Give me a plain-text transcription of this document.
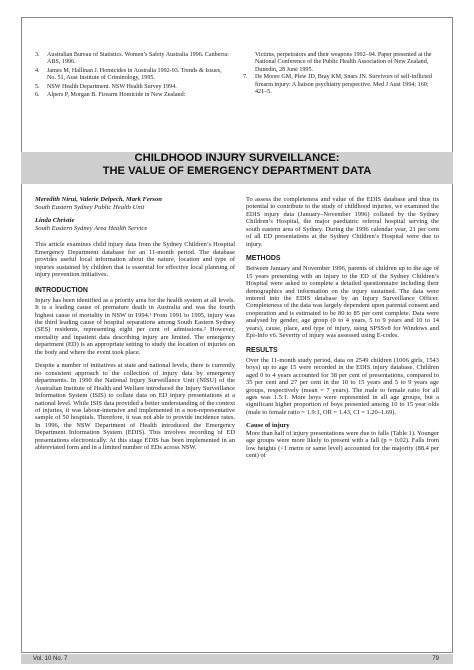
3.	Australian Bureau of Statistics. Women’s Safety Australia 1996. Canberra: ABS, 1996.
4.	James M, Hallinan J. Homicides in Australia 1992-93. Trends & Issues, No. 51, Aust Institute of Criminology, 1995.
5.	NSW Health Department. NSW Health Survey 1994.
6.	Alpers P, Morgan B. Firearm Homicide in New Zealand:

Victims, perpetrators and their weapons 1992–94. Paper presented at the National Conference of the Public Health Association of New Zealand, Dunedin, 28 June 1995.

7.	De Moore GM, Plew JD, Bray KM, Snars JN. Survivors of self-inflicted firearm injury: A liaison psychiatry perspective. Med J Aust 1994; 160: 421–5.
CHILDHOOD INJURY SURVEILLANCE:
THE VALUE OF EMERGENCY DEPARTMENT DATA
Meredith Nirui, Valerie Delpech, Mark Ferson
South Eastern Sydney Public Health Unit
Linda Christie
South Eastern Sydney Area Health Service

This article examines child injury data from the Sydney Children’s Hospital Emergency Department database for an 11-month period. The database provides useful local information about the nature, location and type of injuries sustained by children that is essential for effective local planning of injury prevention initiatives.

INTRODUCTION

Injury has been identified as a priority area for the health system at all levels. It is a leading cause of premature death in Australia and was the fourth highest cause of mortality in NSW in 1994.¹ From 1991 to 1995, injury was the third leading cause of hospital separations among South Eastern Sydney (SES) residents, representing eight per cent of admissions.² However, mortality and inpatient data describing injury are limited. The emergency department (ED) is an appropriate setting to study the location of injuries on the body and where the event took place.

Despite a number of initiatives at state and national levels, there is currently no consistent approach to the collection of injury data by emergency departments. In 1990 the National Injury Surveillance Unit (NISU) of the Australian Institute of Health and Welfare introduced the Injury Surveillance Information System (ISIS) to collate data on ED injury presentations at a national level. While ISIS data provided a better understanding of the context of injuries, it was labour-intensive and implemented in a non-representative sample of 50 hospitals. Therefore, it was not able to provide incidence rates. In 1996, the NSW Department of Health introduced the Emergency Department Information System (EDIS). This involves recording of ED presentations electronically. At this stage EDIS has been implemented in an abbreviated form and in a limited number of EDs across NSW.

To assess the completeness and value of the EDIS database and thus its potential to contribute to the study of childhood injuries, we examined the EDIS injury data (January–November 1996) collated by the Sydney Children’s Hospital, the major paediatric referral hospital serving the south eastern area of Sydney. During the 1996 calendar year, 21 per cent of all ED presentations at the Sydney Children’s Hospital were due to injury.

METHODS

Between January and November 1996, parents of children up to the age of 15 years presenting with an injury to the ED of the Sydney Children’s Hospital were asked to complete a detailed questionnaire including their demographics and information on the injury sustained. The data were entered into the EDIS database by an Injury Surveillance Officer. Completeness of the data was largely dependent upon parental consent and cooperation and is estimated to be 80 to 85 per cent complete. Data were analysed by gender, age group (0 to 4 years, 5 to 9 years and 10 to 14 years), cause, place, and type of injury, using SPSSv8 for Windows and Epi-Info v6. Severity of injury was assessed using E-codes.

RESULTS

Over the 11-month study period, data on 2549 children (1006 girls, 1543 boys) up to age 15 were recorded in the EDIS injury database. Children aged 0 to 4 years accounted for 38 per cent of presentations, compared to 35 per cent and 27 per cent in the 10 to 15 years and 5 to 9 years age groups, respectively (mean = 7 years). The male to female ratio for all ages was 1.5:1. More boys were represented in all age groups, but a significant higher proportion of boys presented among 10 to 15 year olds (male to female ratio = 1.9:1, OR = 1.43, CI = 1.20–1.69).

Cause of injury

More than half of injury presentations were due to falls (Table 1). Younger age groups were more likely to present with a fall (p = 0.02). Falls from low heights (<1 metre or same level) accounted for the majority (88.4 per cent) of

Vol. 10 No. 7	79
